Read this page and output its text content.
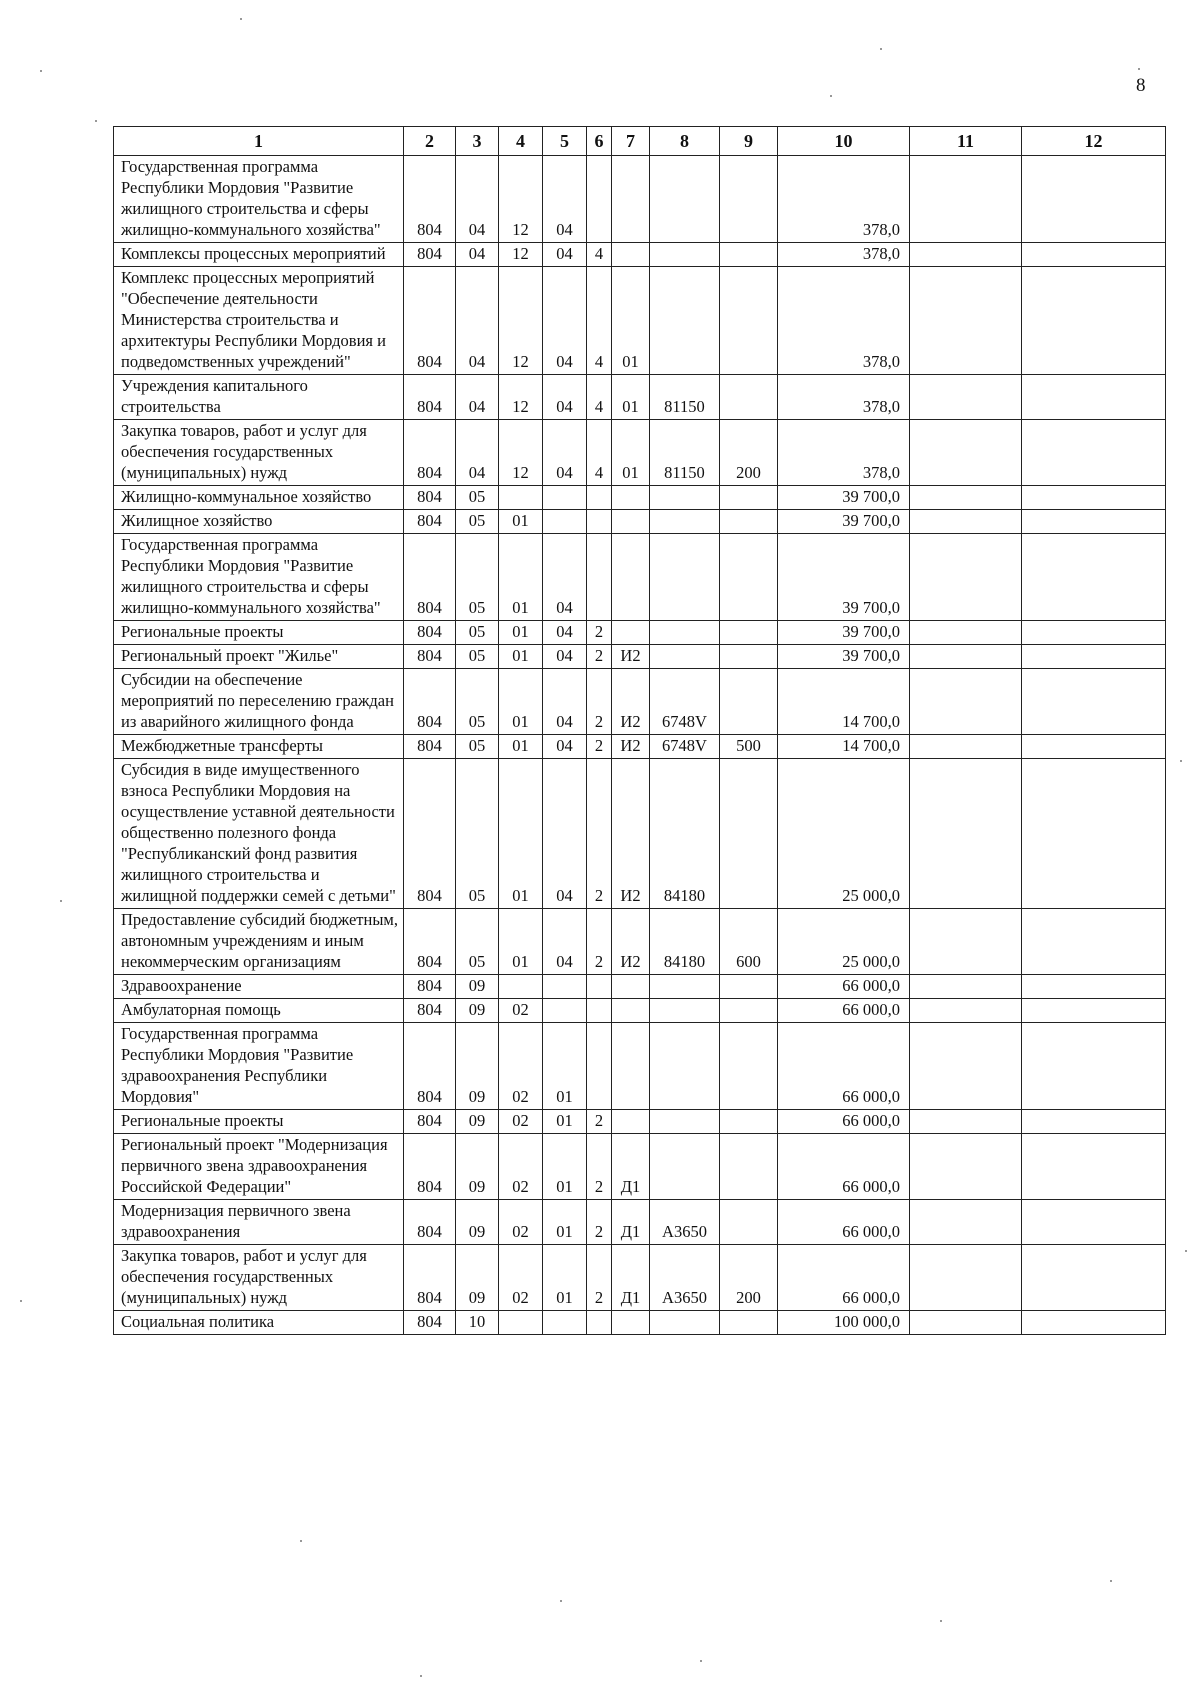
8
1	2	3	4	5	6	7	8	9	10	11	12
Государственная программа Республики Мордовия "Развитие жилищного строительства и сферы жилищно-коммунального хозяйства"	804	04	12	04					378,0		
Комплексы процессных мероприятий	804	04	12	04	4				378,0		
Комплекс процессных мероприятий "Обеспечение деятельности Министерства строительства и архитектуры Республики Мордовия и подведомственных учреждений"	804	04	12	04	4	01			378,0		
Учреждения капитального строительства	804	04	12	04	4	01	81150		378,0		
Закупка товаров, работ и услуг для обеспечения государственных (муниципальных) нужд	804	04	12	04	4	01	81150	200	378,0		
Жилищно-коммунальное хозяйство	804	05							39 700,0		
Жилищное хозяйство	804	05	01						39 700,0		
Государственная программа Республики Мордовия "Развитие жилищного строительства и сферы жилищно-коммунального хозяйства"	804	05	01	04					39 700,0		
Региональные проекты	804	05	01	04	2				39 700,0		
Региональный проект "Жилье"	804	05	01	04	2	И2			39 700,0		
Субсидии на обеспечение мероприятий по переселению граждан из аварийного жилищного фонда	804	05	01	04	2	И2	6748V		14 700,0		
Межбюджетные трансферты	804	05	01	04	2	И2	6748V	500	14 700,0		
Субсидия в виде имущественного взноса Республики Мордовия на осуществление уставной деятельности общественно полезного фонда "Республиканский фонд развития жилищного строительства и жилищной поддержки семей с детьми"	804	05	01	04	2	И2	84180		25 000,0		
Предоставление субсидий бюджетным, автономным учреждениям и иным некоммерческим организациям	804	05	01	04	2	И2	84180	600	25 000,0		
Здравоохранение	804	09							66 000,0		
Амбулаторная помощь	804	09	02						66 000,0		
Государственная программа Республики Мордовия "Развитие здравоохранения Республики Мордовия"	804	09	02	01					66 000,0		
Региональные проекты	804	09	02	01	2				66 000,0		
Региональный проект "Модернизация первичного звена здравоохранения Российской Федерации"	804	09	02	01	2	Д1			66 000,0		
Модернизация первичного звена здравоохранения	804	09	02	01	2	Д1	А3650		66 000,0		
Закупка товаров, работ и услуг для обеспечения государственных (муниципальных) нужд	804	09	02	01	2	Д1	А3650	200	66 000,0		
Социальная политика	804	10							100 000,0		
